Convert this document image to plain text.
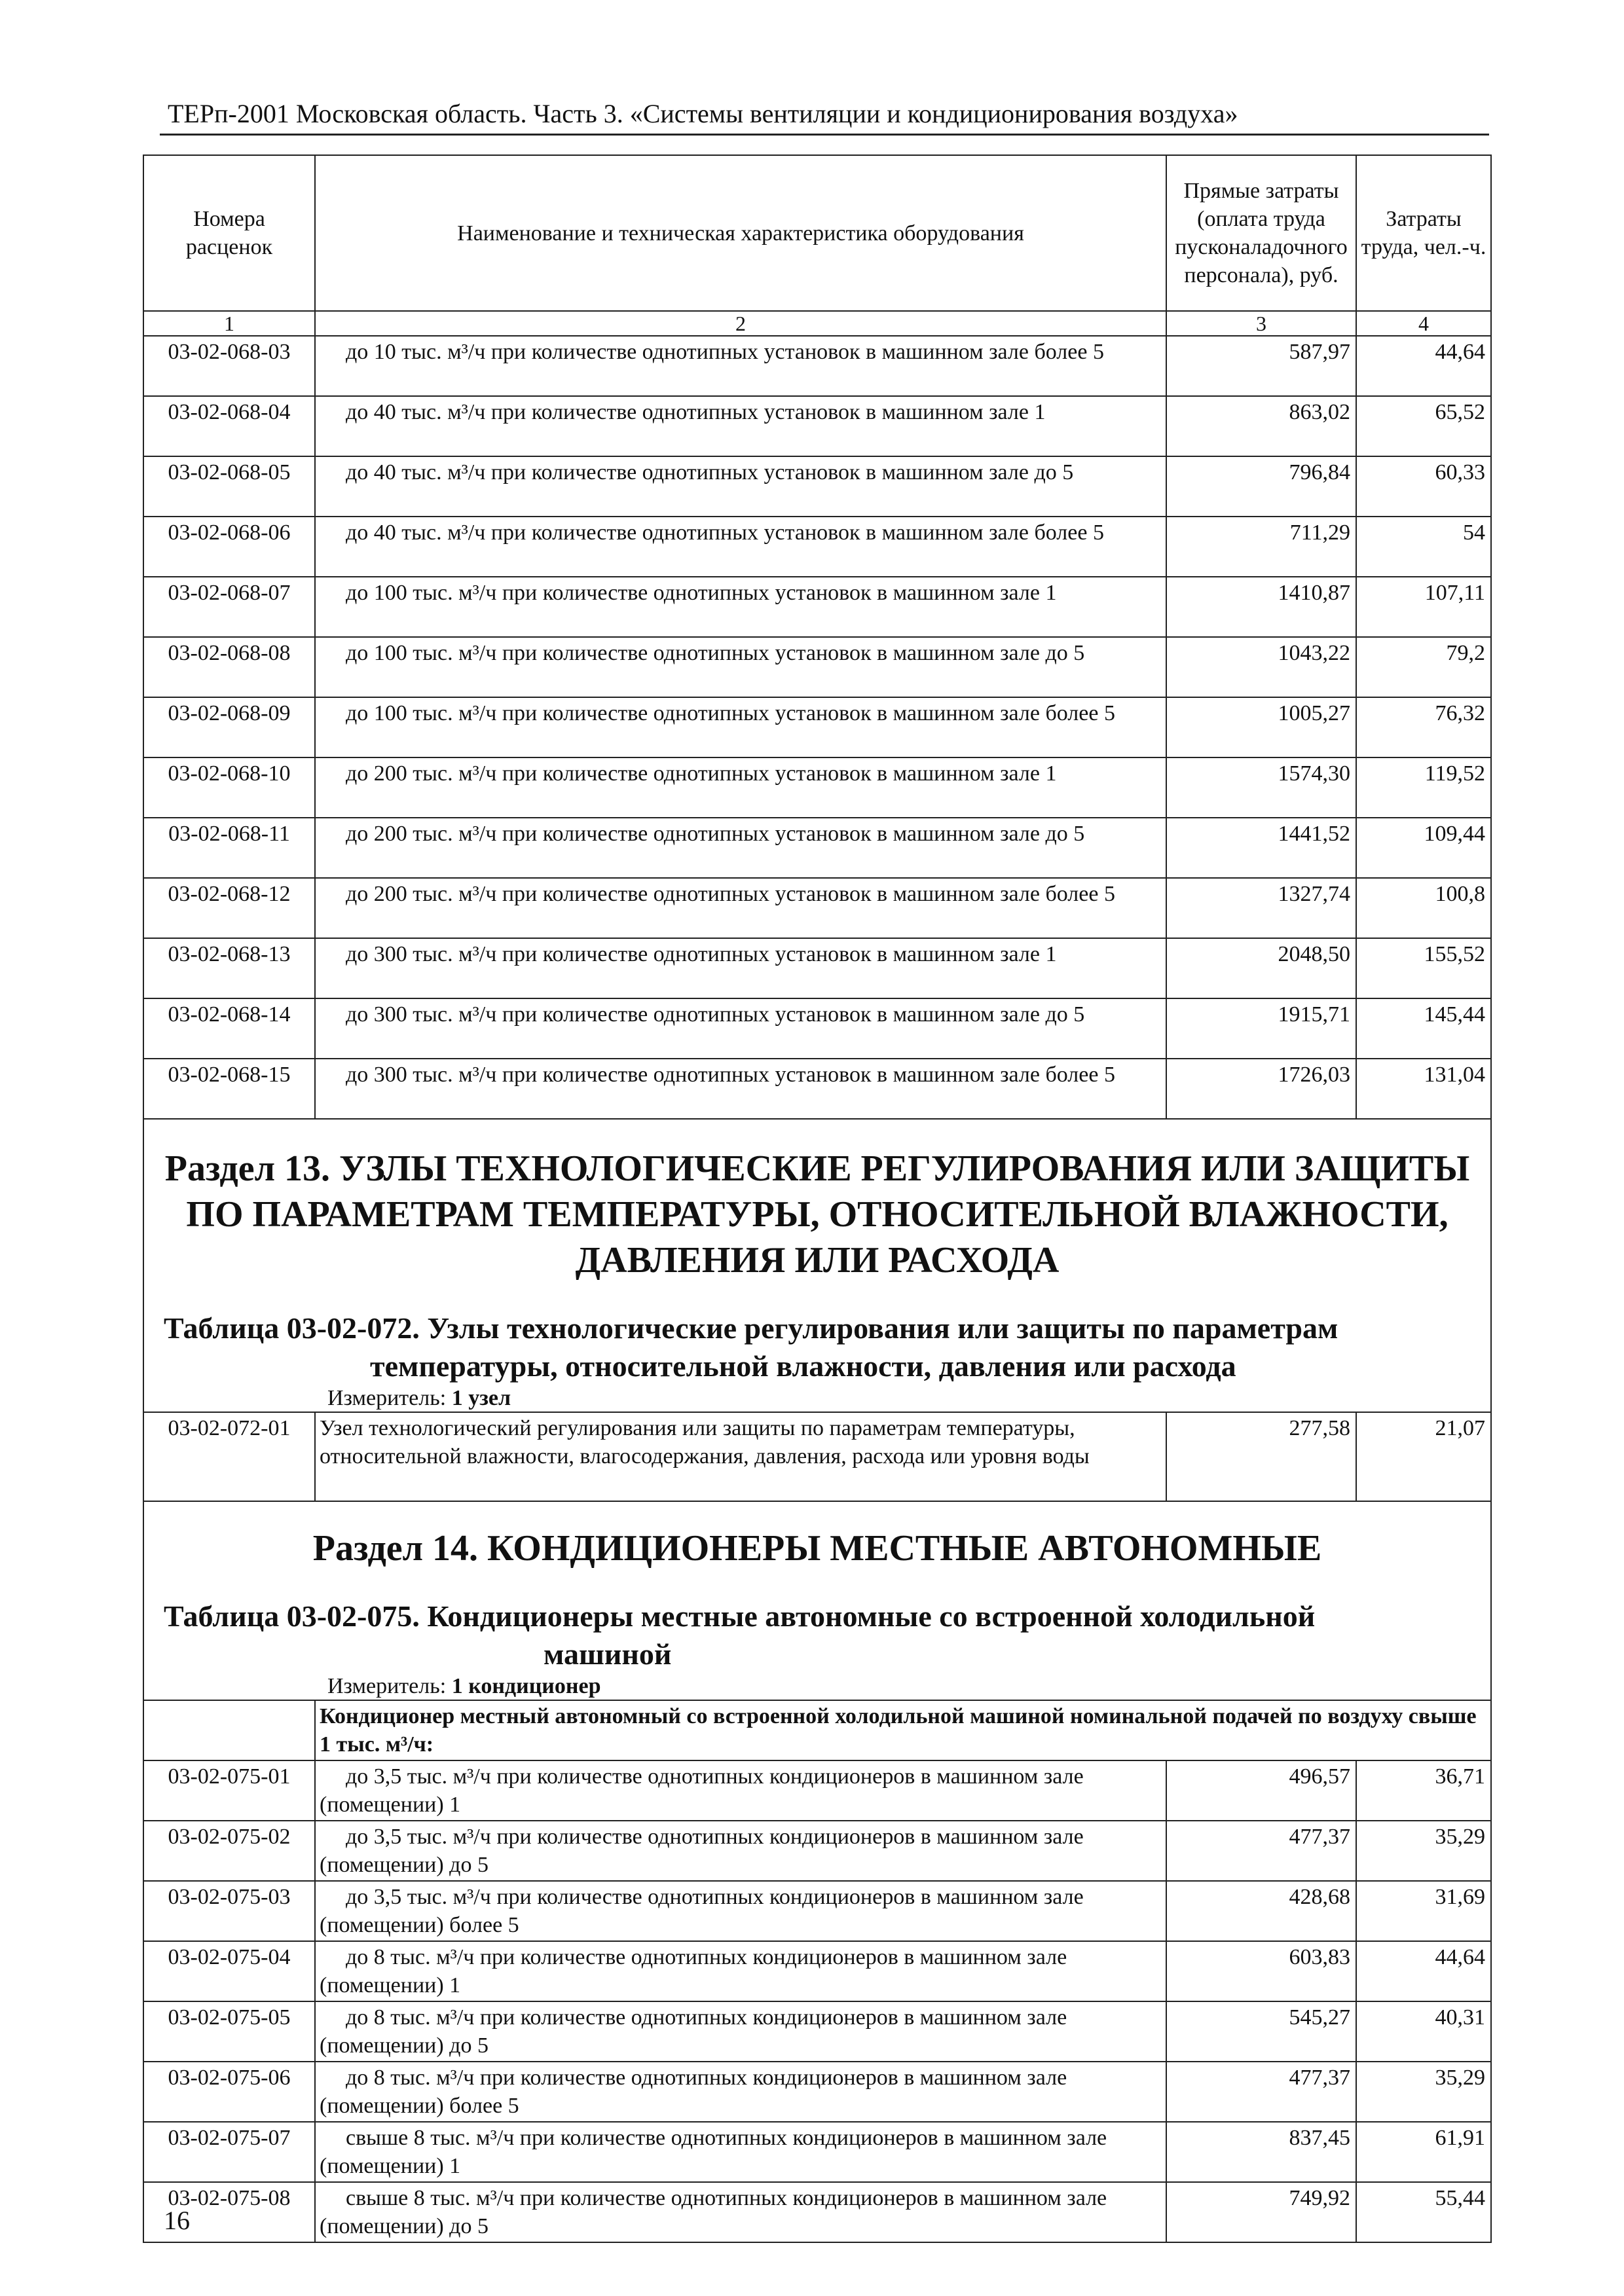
ТЕРп-2001 Московская область. Часть 3. «Системы вентиляции и кондиционирования воздуха»
Номера расценок	Наименование и техническая характеристика оборудования	Прямые затраты (оплата труда пусконаладочного персонала), руб.	Затраты труда, чел.-ч.
1	2	3	4
03-02-068-03	до 10 тыс. м³/ч при количестве однотипных установок в машинном зале более 5	587,97	44,64
03-02-068-04	до 40 тыс. м³/ч при количестве однотипных установок в машинном зале 1	863,02	65,52
03-02-068-05	до 40 тыс. м³/ч при количестве однотипных установок в машинном зале до 5	796,84	60,33
03-02-068-06	до 40 тыс. м³/ч при количестве однотипных установок в машинном зале более 5	711,29	54
03-02-068-07	до 100 тыс. м³/ч при количестве однотипных установок в машинном зале 1	1410,87	107,11
03-02-068-08	до 100 тыс. м³/ч при количестве однотипных установок в машинном зале до 5	1043,22	79,2
03-02-068-09	до 100 тыс. м³/ч при количестве однотипных установок в машинном зале более 5	1005,27	76,32
03-02-068-10	до 200 тыс. м³/ч при количестве однотипных установок в машинном зале 1	1574,30	119,52
03-02-068-11	до 200 тыс. м³/ч при количестве однотипных установок в машинном зале до 5	1441,52	109,44
03-02-068-12	до 200 тыс. м³/ч при количестве однотипных установок в машинном зале более 5	1327,74	100,8
03-02-068-13	до 300 тыс. м³/ч при количестве однотипных установок в машинном зале 1	2048,50	155,52
03-02-068-14	до 300 тыс. м³/ч при количестве однотипных установок в машинном зале до 5	1915,71	145,44
03-02-068-15	до 300 тыс. м³/ч при количестве однотипных установок в машинном зале более 5	1726,03	131,04

Раздел 13. УЗЛЫ ТЕХНОЛОГИЧЕСКИЕ РЕГУЛИРОВАНИЯ ИЛИ ЗАЩИТЫ ПО ПАРАМЕТРАМ ТЕМПЕРАТУРЫ, ОТНОСИТЕЛЬНОЙ ВЛАЖНОСТИ, ДАВЛЕНИЯ ИЛИ РАСХОДА
Таблица 03-02-072. Узлы технологические регулирования или защиты по параметрам
температуры, относительной влажности, давления или расхода
Измеритель: 1 узел			

03-02-072-01	Узел технологический регулирования или защиты по параметрам температуры, относительной влажности, влагосодержания, давления, расхода или уровня воды	277,58	21,07

Раздел 14. КОНДИЦИОНЕРЫ МЕСТНЫЕ АВТОНОМНЫЕ
Таблица 03-02-075. Кондиционеры местные автономные со встроенной холодильной
машиной
Измеритель: 1 кондиционер			

	Кондиционер местный автономный со встроенной холодильной машиной номинальной подачей по воздуху свыше 1 тыс. м³/ч:		
03-02-075-01	до 3,5 тыс. м³/ч при количестве однотипных кондиционеров в машинном зале (помещении) 1	496,57	36,71
03-02-075-02	до 3,5 тыс. м³/ч при количестве однотипных кондиционеров в машинном зале (помещении) до 5	477,37	35,29
03-02-075-03	до 3,5 тыс. м³/ч при количестве однотипных кондиционеров в машинном зале (помещении) более 5	428,68	31,69
03-02-075-04	до 8 тыс. м³/ч при количестве однотипных кондиционеров в машинном зале (помещении) 1	603,83	44,64
03-02-075-05	до 8 тыс. м³/ч при количестве однотипных кондиционеров в машинном зале (помещении) до 5	545,27	40,31
03-02-075-06	до 8 тыс. м³/ч при количестве однотипных кондиционеров в машинном зале (помещении) более 5	477,37	35,29
03-02-075-07	свыше 8 тыс. м³/ч при количестве однотипных кондиционеров в машинном зале (помещении) 1	837,45	61,91
03-02-075-08	свыше 8 тыс. м³/ч при количестве однотипных кондиционеров в машинном зале (помещении) до 5	749,92	55,44
16
